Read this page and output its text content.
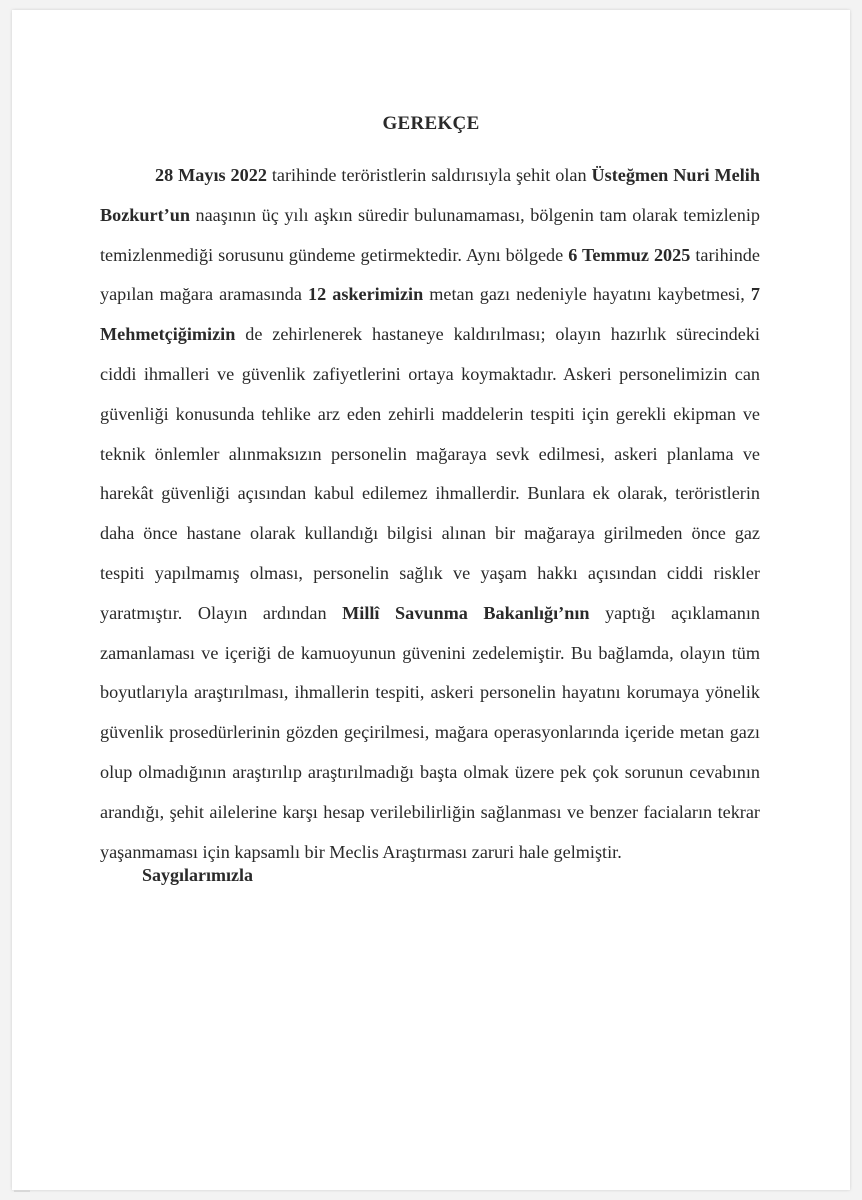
GEREKÇE

28 Mayıs 2022 tarihinde teröristlerin saldırısıyla şehit olan Üsteğmen Nuri Melih Bozkurt’un naaşının üç yılı aşkın süredir bulunamaması, bölgenin tam olarak temizlenip temizlenmediği sorusunu gündeme getirmektedir. Aynı bölgede 6 Temmuz 2025 tarihinde yapılan mağara aramasında 12 askerimizin metan gazı nedeniyle hayatını kaybetmesi, 7 Mehmetçiğimizin de zehirlenerek hastaneye kaldırılması; olayın hazırlık sürecindeki ciddi ihmalleri ve güvenlik zafiyetlerini ortaya koymaktadır. Askeri personelimizin can güvenliği konusunda tehlike arz eden zehirli maddelerin tespiti için gerekli ekipman ve teknik önlemler alınmaksızın personelin mağaraya sevk edilmesi, askeri planlama ve harekât güvenliği açısından kabul edilemez ihmallerdir. Bunlara ek olarak, teröristlerin daha önce hastane olarak kullandığı bilgisi alınan bir mağaraya girilmeden önce gaz tespiti yapılmamış olması, personelin sağlık ve yaşam hakkı açısından ciddi riskler yaratmıştır. Olayın ardından Millî Savunma Bakanlığı’nın yaptığı açıklamanın zamanlaması ve içeriği de kamuoyunun güvenini zedelemiştir. Bu bağlamda, olayın tüm boyutlarıyla araştırılması, ihmallerin tespiti, askeri personelin hayatını korumaya yönelik güvenlik prosedürlerinin gözden geçirilmesi, mağara operasyonlarında içeride metan gazı olup olmadığının araştırılıp araştırılmadığı başta olmak üzere pek çok sorunun cevabının arandığı, şehit ailelerine karşı hesap verilebilirliğin sağlanması ve benzer faciaların tekrar yaşanmaması için kapsamlı bir Meclis Araştırması zaruri hale gelmiştir.

Saygılarımızla
